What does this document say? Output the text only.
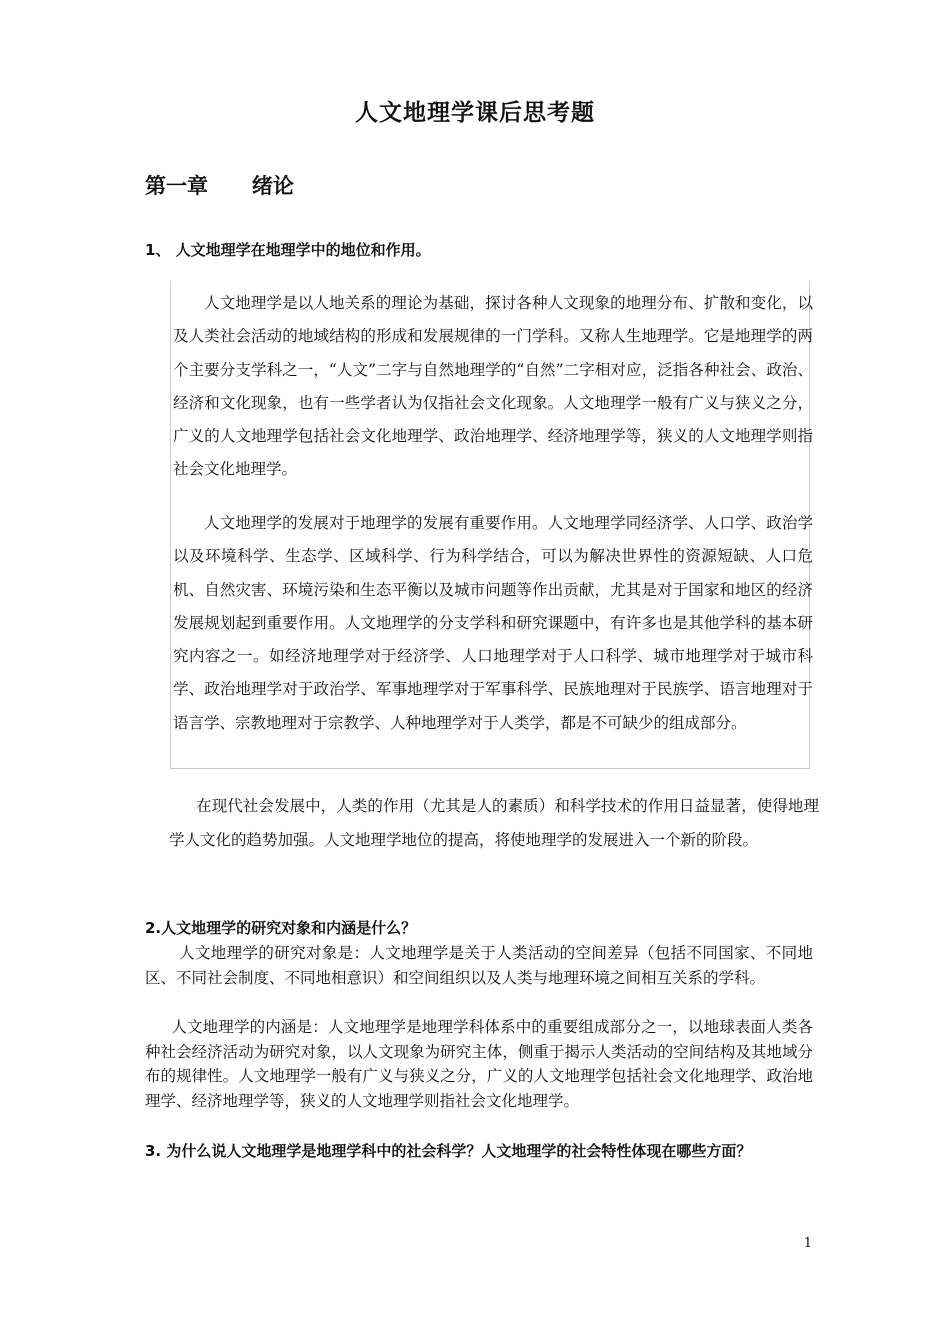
人文地理学课后思考题
第一章 绪论
1、 人文地理学在地理学中的地位和作用。
人文地理学是以人地关系的理论为基础，探讨各种人文现象的地理分布、扩散和变化，以及人类社会活动的地域结构的形成和发展规律的一门学科。又称人生地理学。它是地理学的两个主要分支学科之一，“人文”二字与自然地理学的“自然”二字相对应，泛指各种社会、政治、经济和文化现象，也有一些学者认为仅指社会文化现象。人文地理学一般有广义与狭义之分，广义的人文地理学包括社会文化地理学、政治地理学、经济地理学等，狭义的人文地理学则指社会文化地理学。
人文地理学的发展对于地理学的发展有重要作用。人文地理学同经济学、人口学、政治学以及环境科学、生态学、区域科学、行为科学结合，可以为解决世界性的资源短缺、人口危机、自然灾害、环境污染和生态平衡以及城市问题等作出贡献，尤其是对于国家和地区的经济发展规划起到重要作用。人文地理学的分支学科和研究课题中，有许多也是其他学科的基本研究内容之一。如经济地理学对于经济学、人口地理学对于人口科学、城市地理学对于城市科学、政治地理学对于政治学、军事地理学对于军事科学、民族地理对于民族学、语言地理对于语言学、宗教地理对于宗教学、人种地理学对于人类学，都是不可缺少的组成部分。
在现代社会发展中，人类的作用（尤其是人的素质）和科学技术的作用日益显著，使得地理学人文化的趋势加强。人文地理学地位的提高，将使地理学的发展进入一个新的阶段。
2.人文地理学的研究对象和内涵是什么？
人文地理学的研究对象是：人文地理学是关于人类活动的空间差异（包括不同国家、不同地区、不同社会制度、不同地相意识）和空间组织以及人类与地理环境之间相互关系的学科。
人文地理学的内涵是：人文地理学是地理学科体系中的重要组成部分之一，以地球表面人类各种社会经济活动为研究对象，以人文现象为研究主体，侧重于揭示人类活动的空间结构及其地域分布的规律性。人文地理学一般有广义与狭义之分，广义的人文地理学包括社会文化地理学、政治地理学、经济地理学等，狭义的人文地理学则指社会文化地理学。
3. 为什么说人文地理学是地理学科中的社会科学？人文地理学的社会特性体现在哪些方面？
1
